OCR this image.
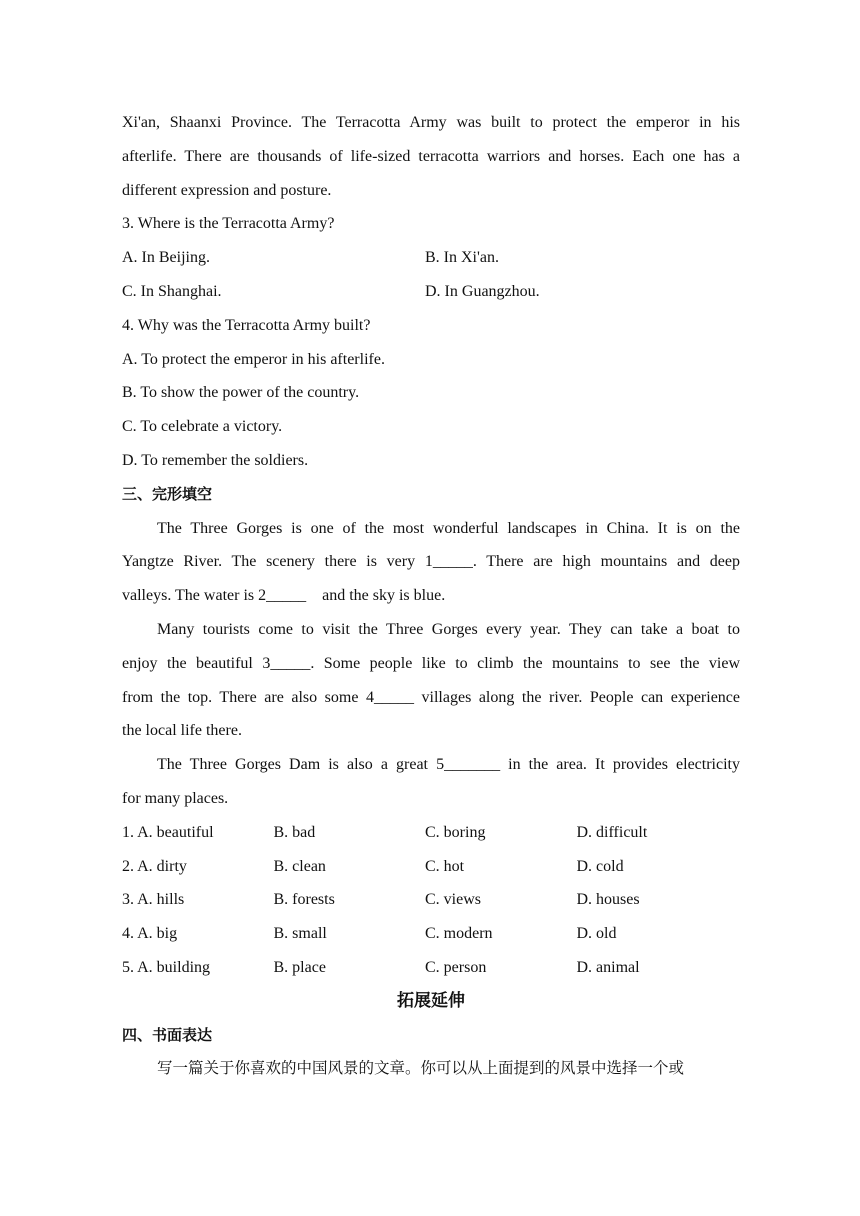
Xi'an, Shaanxi Province. The Terracotta Army was built to protect the emperor in his
afterlife. There are thousands of life-sized terracotta warriors and horses. Each one has a
different expression and posture.
3. Where is the Terracotta Army?
A. In Beijing.	B. In Xi'an.
C. In Shanghai.	D. In Guangzhou.
4. Why was the Terracotta Army built?
A. To protect the emperor in his afterlife.
B. To show the power of the country.
C. To celebrate a victory.
D. To remember the soldiers.
三、完形填空
The Three Gorges is one of the most wonderful landscapes in China. It is on the
Yangtze River. The scenery there is very 1_____. There are high mountains and deep
valleys. The water is 2_____    and the sky is blue.
Many tourists come to visit the Three Gorges every year. They can take a boat to
enjoy the beautiful 3_____. Some people like to climb the mountains to see the view
from the top. There are also some 4_____ villages along the river. People can experience
the local life there.
The Three Gorges Dam is also a great 5_______ in the area. It provides electricity
for many places.
1. A. beautiful	B. bad	C. boring	D. difficult
2. A. dirty	B. clean	C. hot	D. cold
3. A. hills	B. forests	C. views	D. houses
4. A. big	B. small	C. modern	D. old
5. A. building	B. place	C. person	D. animal
拓展延伸
四、书面表达
写一篇关于你喜欢的中国风景的文章。你可以从上面提到的风景中选择一个或
